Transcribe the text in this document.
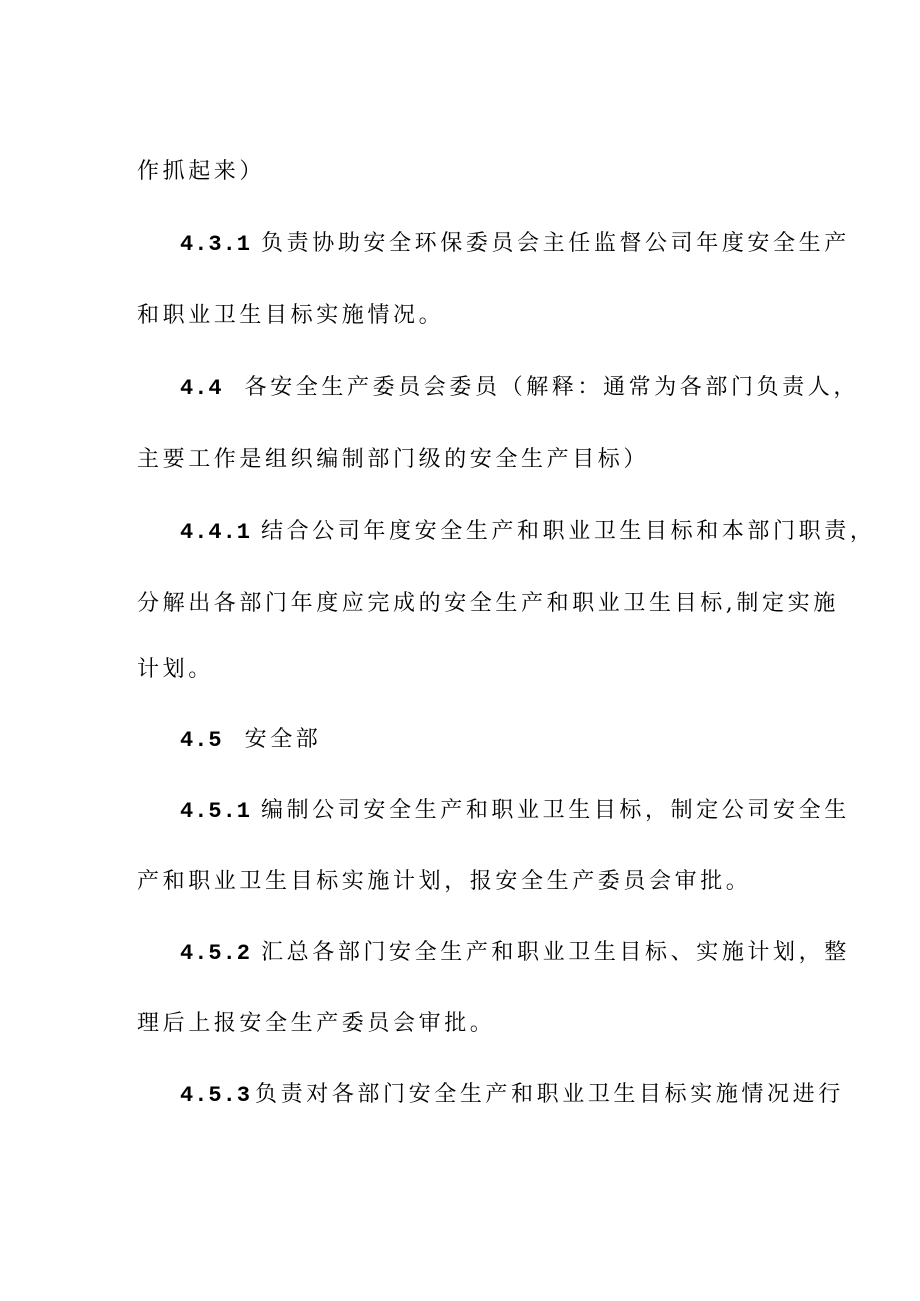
作抓起来）
4.3.1 负责协助安全环保委员会主任监督公司年度安全生产
和职业卫生目标实施情况。
4.4 各安全生产委员会委员（解释：通常为各部门负责人，
主要工作是组织编制部门级的安全生产目标）
4.4.1 结合公司年度安全生产和职业卫生目标和本部门职责，
分解出各部门年度应完成的安全生产和职业卫生目标,制定实施
计划。
4.5 安全部
4.5.1 编制公司安全生产和职业卫生目标，制定公司安全生
产和职业卫生目标实施计划，报安全生产委员会审批。
4.5.2 汇总各部门安全生产和职业卫生目标、实施计划，整
理后上报安全生产委员会审批。
4.5.3 负责对各部门安全生产和职业卫生目标实施情况进行
